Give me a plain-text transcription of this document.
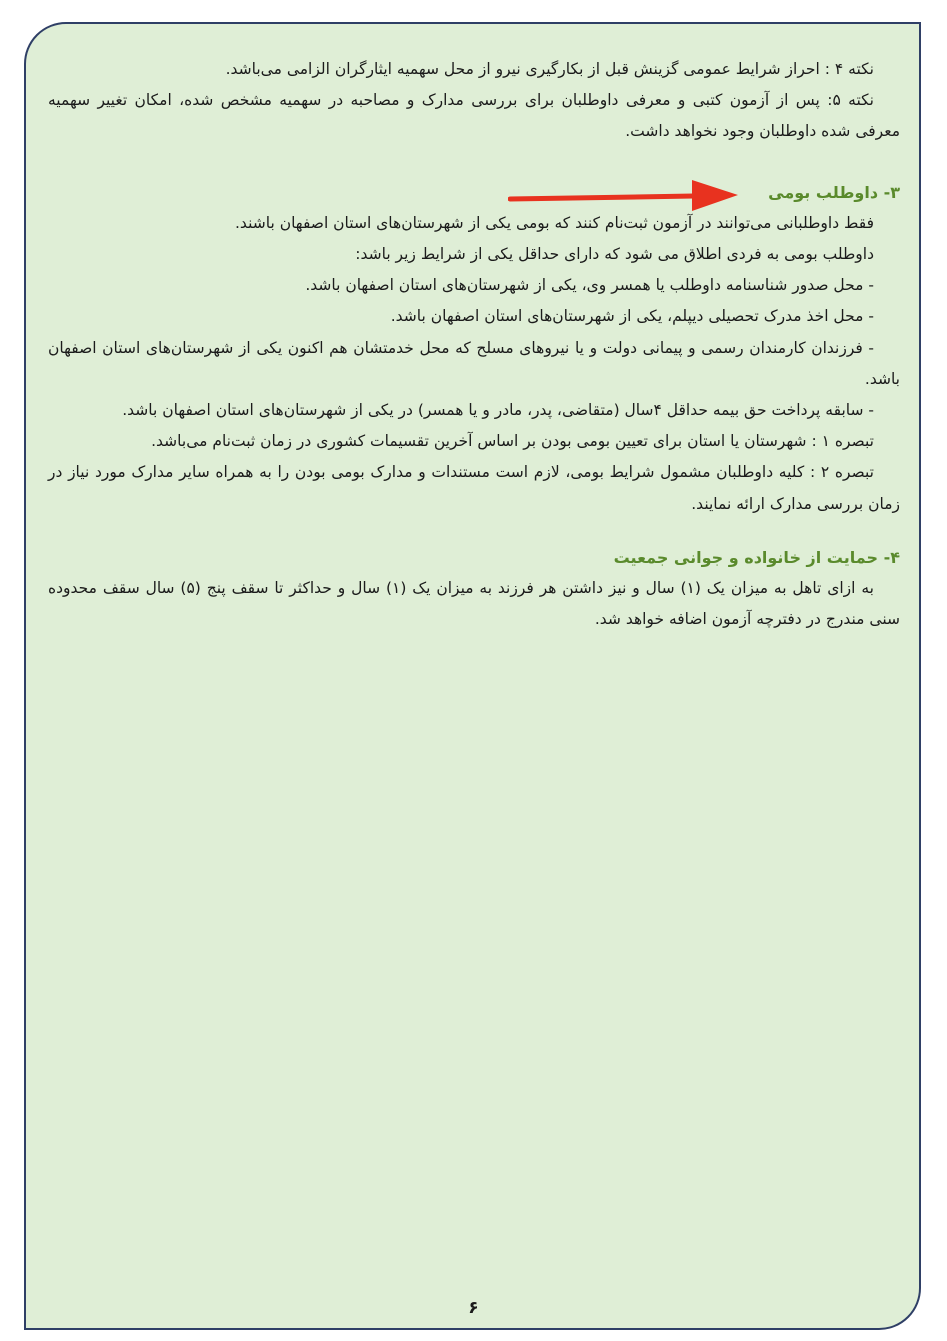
نکته ۴ : احراز شرایط عمومی گزینش قبل از بکارگیری نیرو از محل سهمیه ایثارگران الزامی می‌باشد.

نکته ۵: پس از آزمون کتبی و معرفی داوطلبان برای بررسی مدارک و مصاحبه در سهمیه مشخص شده، امکان تغییر سهمیه معرفی شده داوطلبان وجود نخواهد داشت.

۳- داوطلب بومی

فقط داوطلبانی می‌توانند در آزمون ثبت‌نام کنند که بومی یکی از شهرستان‌های استان اصفهان باشند.

داوطلب بومی به فردی اطلاق می شود که دارای حداقل یکی از شرایط زیر باشد:

- محل صدور شناسنامه داوطلب یا همسر وی، یکی از شهرستان‌های استان اصفهان باشد.

- محل اخذ مدرک تحصیلی دیپلم، یکی از شهرستان‌های استان اصفهان باشد.

- فرزندان کارمندان رسمی و پیمانی دولت و یا نیروهای مسلح که محل خدمتشان هم اکنون یکی از شهرستان‌های استان اصفهان باشد.

- سابقه پرداخت حق بیمه حداقل ۴سال (متقاضی، پدر، مادر و یا همسر) در یکی از شهرستان‌های استان اصفهان باشد.

تبصره ۱ : شهرستان یا استان برای تعیین بومی بودن بر اساس آخرین تقسیمات کشوری در زمان ثبت‌نام می‌باشد.

تبصره ۲ : کلیه داوطلبان مشمول شرایط بومی، لازم است مستندات و مدارک بومی بودن را به همراه سایر مدارک مورد نیاز در زمان بررسی مدارک ارائه نمایند.

۴- حمایت از خانواده و جوانی جمعیت

به ازای تاهل به میزان یک (۱) سال و نیز داشتن هر فرزند به میزان یک (۱) سال و حداکثر تا سقف پنج (۵) سال سقف محدوده سنی مندرج در دفترچه آزمون اضافه خواهد شد.

۶
